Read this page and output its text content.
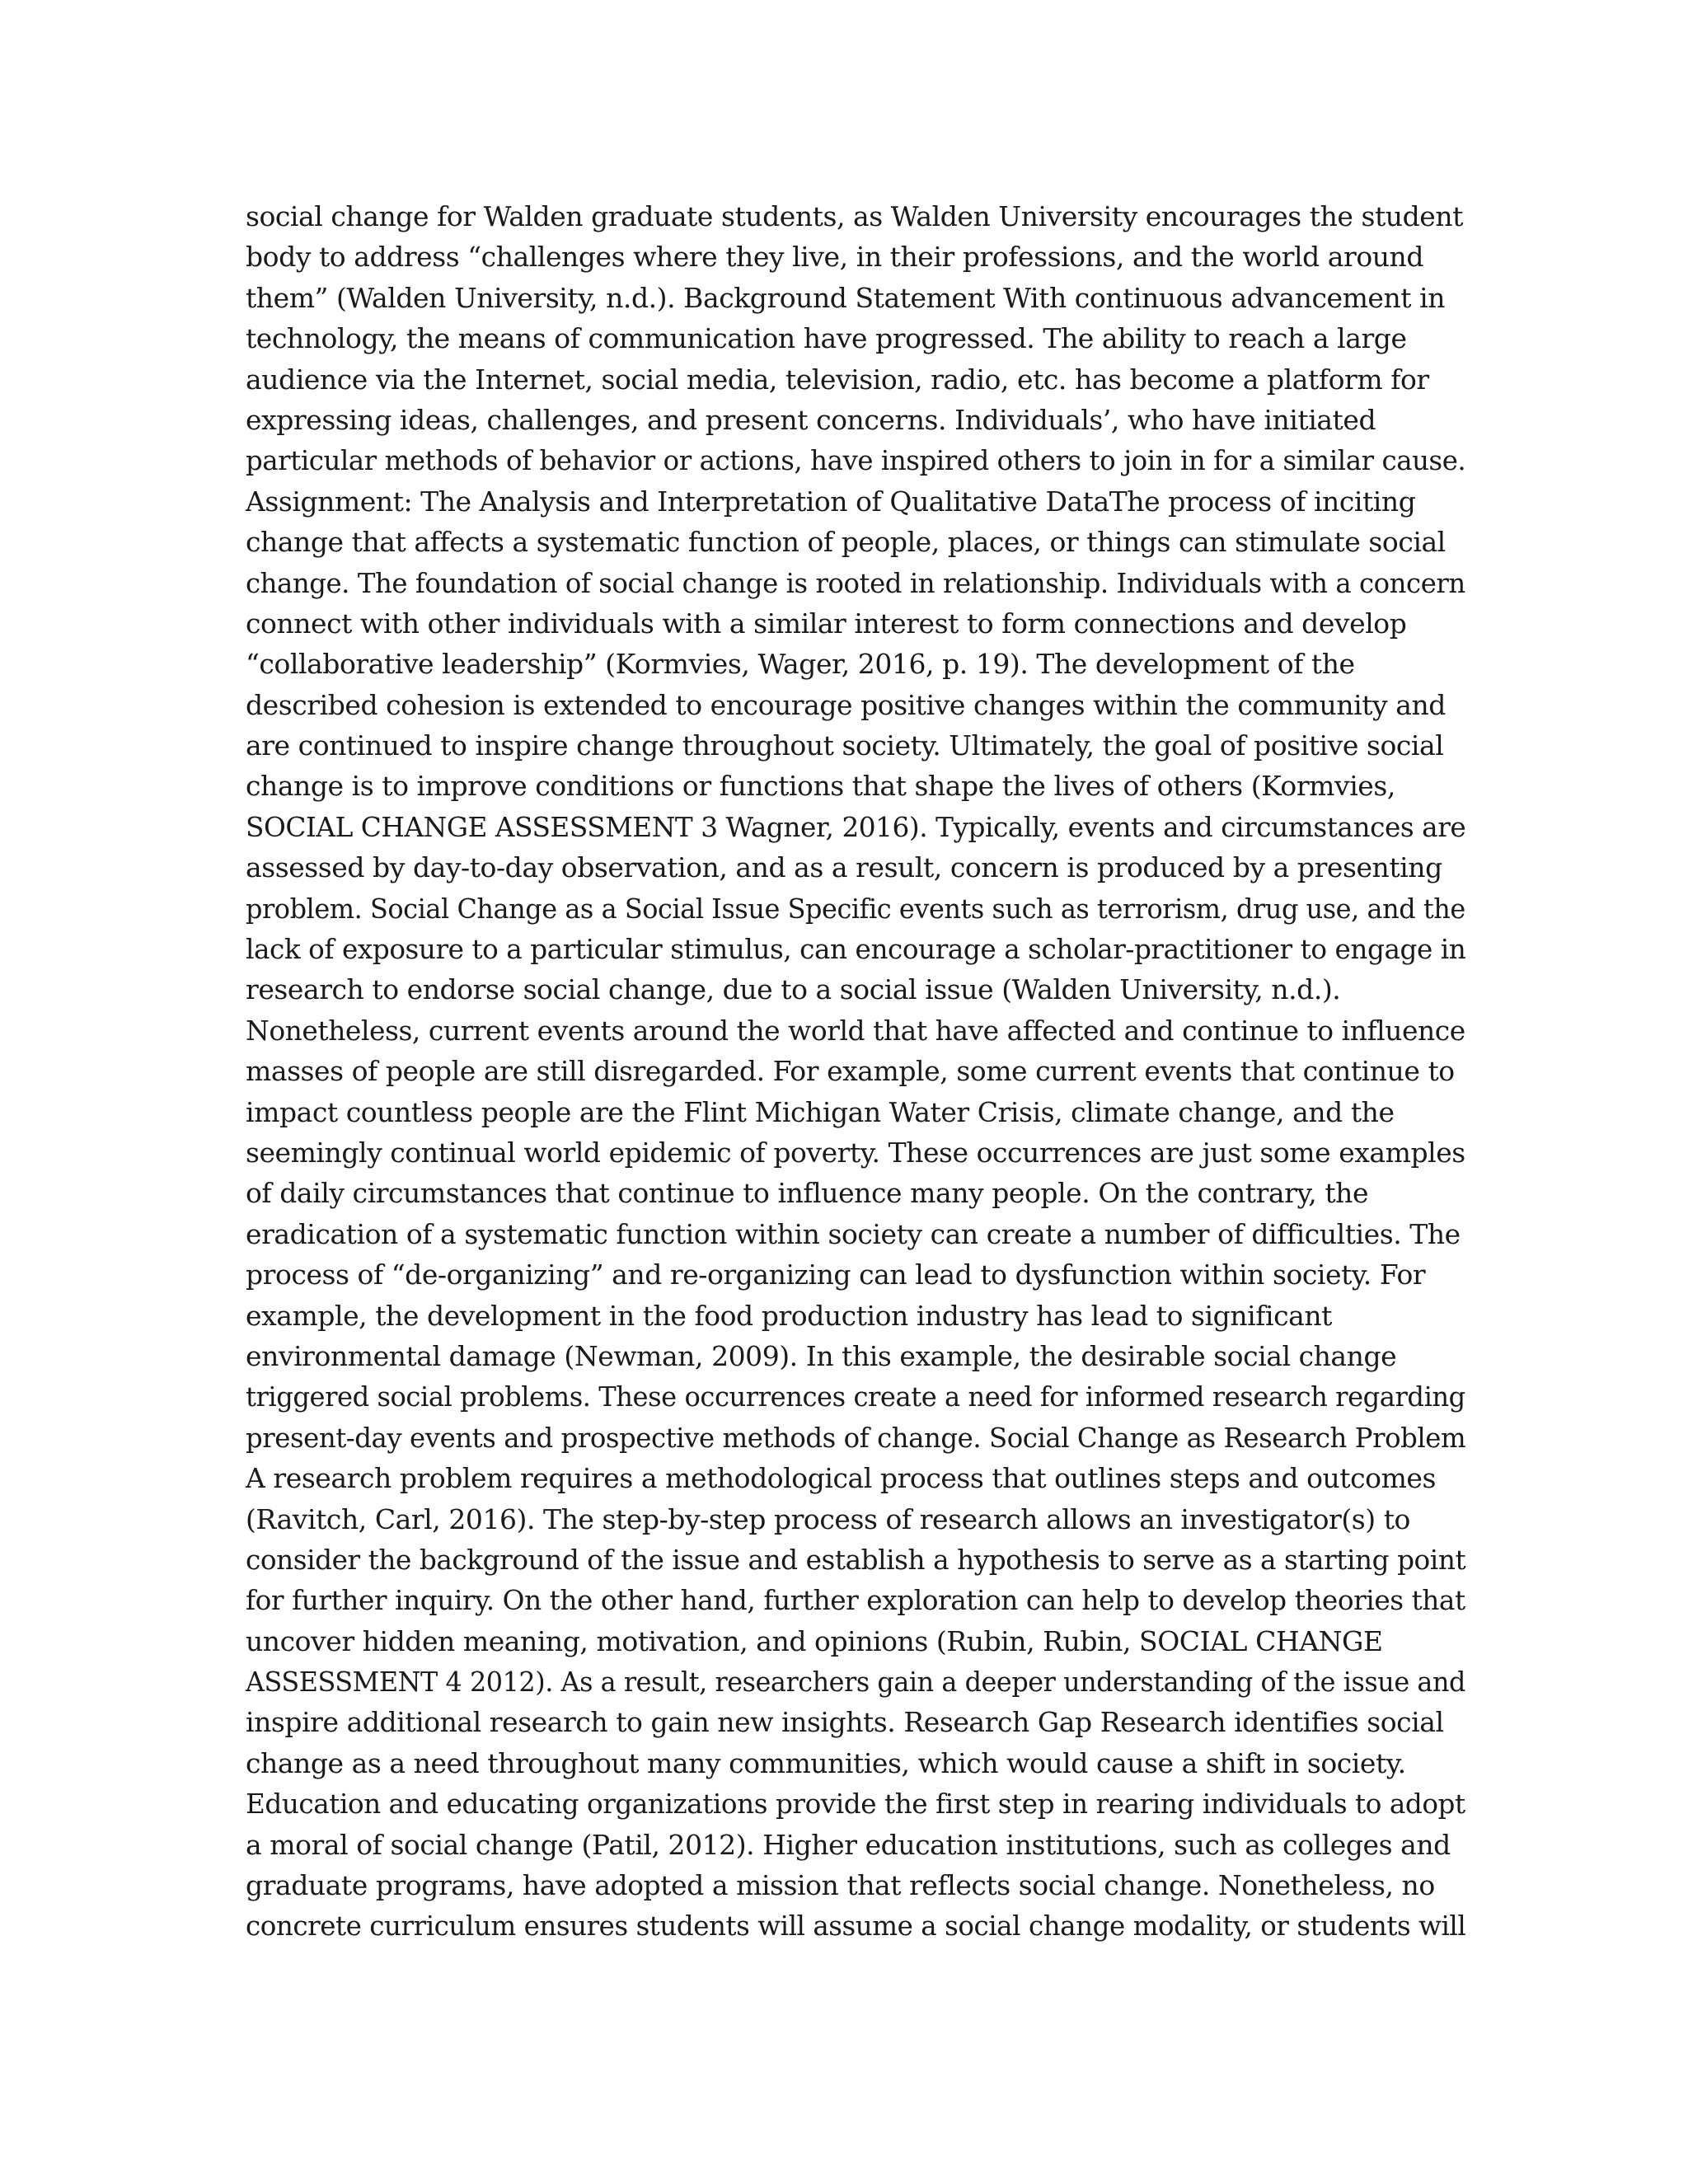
social change for Walden graduate students, as Walden University encourages the student
body to address “challenges where they live, in their professions, and the world around
them” (Walden University, n.d.). Background Statement With continuous advancement in
technology, the means of communication have progressed. The ability to reach a large
audience via the Internet, social media, television, radio, etc. has become a platform for
expressing ideas, challenges, and present concerns. Individuals’, who have initiated
particular methods of behavior or actions, have inspired others to join in for a similar cause.
Assignment: The Analysis and Interpretation of Qualitative DataThe process of inciting
change that affects a systematic function of people, places, or things can stimulate social
change. The foundation of social change is rooted in relationship. Individuals with a concern
connect with other individuals with a similar interest to form connections and develop
“collaborative leadership” (Kormvies, Wager, 2016, p. 19). The development of the
described cohesion is extended to encourage positive changes within the community and
are continued to inspire change throughout society. Ultimately, the goal of positive social
change is to improve conditions or functions that shape the lives of others (Kormvies,
SOCIAL CHANGE ASSESSMENT 3 Wagner, 2016). Typically, events and circumstances are
assessed by day-to-day observation, and as a result, concern is produced by a presenting
problem. Social Change as a Social Issue Specific events such as terrorism, drug use, and the
lack of exposure to a particular stimulus, can encourage a scholar-practitioner to engage in
research to endorse social change, due to a social issue (Walden University, n.d.).
Nonetheless, current events around the world that have affected and continue to influence
masses of people are still disregarded. For example, some current events that continue to
impact countless people are the Flint Michigan Water Crisis, climate change, and the
seemingly continual world epidemic of poverty. These occurrences are just some examples
of daily circumstances that continue to influence many people. On the contrary, the
eradication of a systematic function within society can create a number of difficulties. The
process of “de-organizing” and re-organizing can lead to dysfunction within society. For
example, the development in the food production industry has lead to significant
environmental damage (Newman, 2009). In this example, the desirable social change
triggered social problems. These occurrences create a need for informed research regarding
present-day events and prospective methods of change. Social Change as Research Problem
A research problem requires a methodological process that outlines steps and outcomes
(Ravitch, Carl, 2016). The step-by-step process of research allows an investigator(s) to
consider the background of the issue and establish a hypothesis to serve as a starting point
for further inquiry. On the other hand, further exploration can help to develop theories that
uncover hidden meaning, motivation, and opinions (Rubin, Rubin, SOCIAL CHANGE
ASSESSMENT 4 2012). As a result, researchers gain a deeper understanding of the issue and
inspire additional research to gain new insights. Research Gap Research identifies social
change as a need throughout many communities, which would cause a shift in society.
Education and educating organizations provide the first step in rearing individuals to adopt
a moral of social change (Patil, 2012). Higher education institutions, such as colleges and
graduate programs, have adopted a mission that reflects social change. Nonetheless, no
concrete curriculum ensures students will assume a social change modality, or students will
